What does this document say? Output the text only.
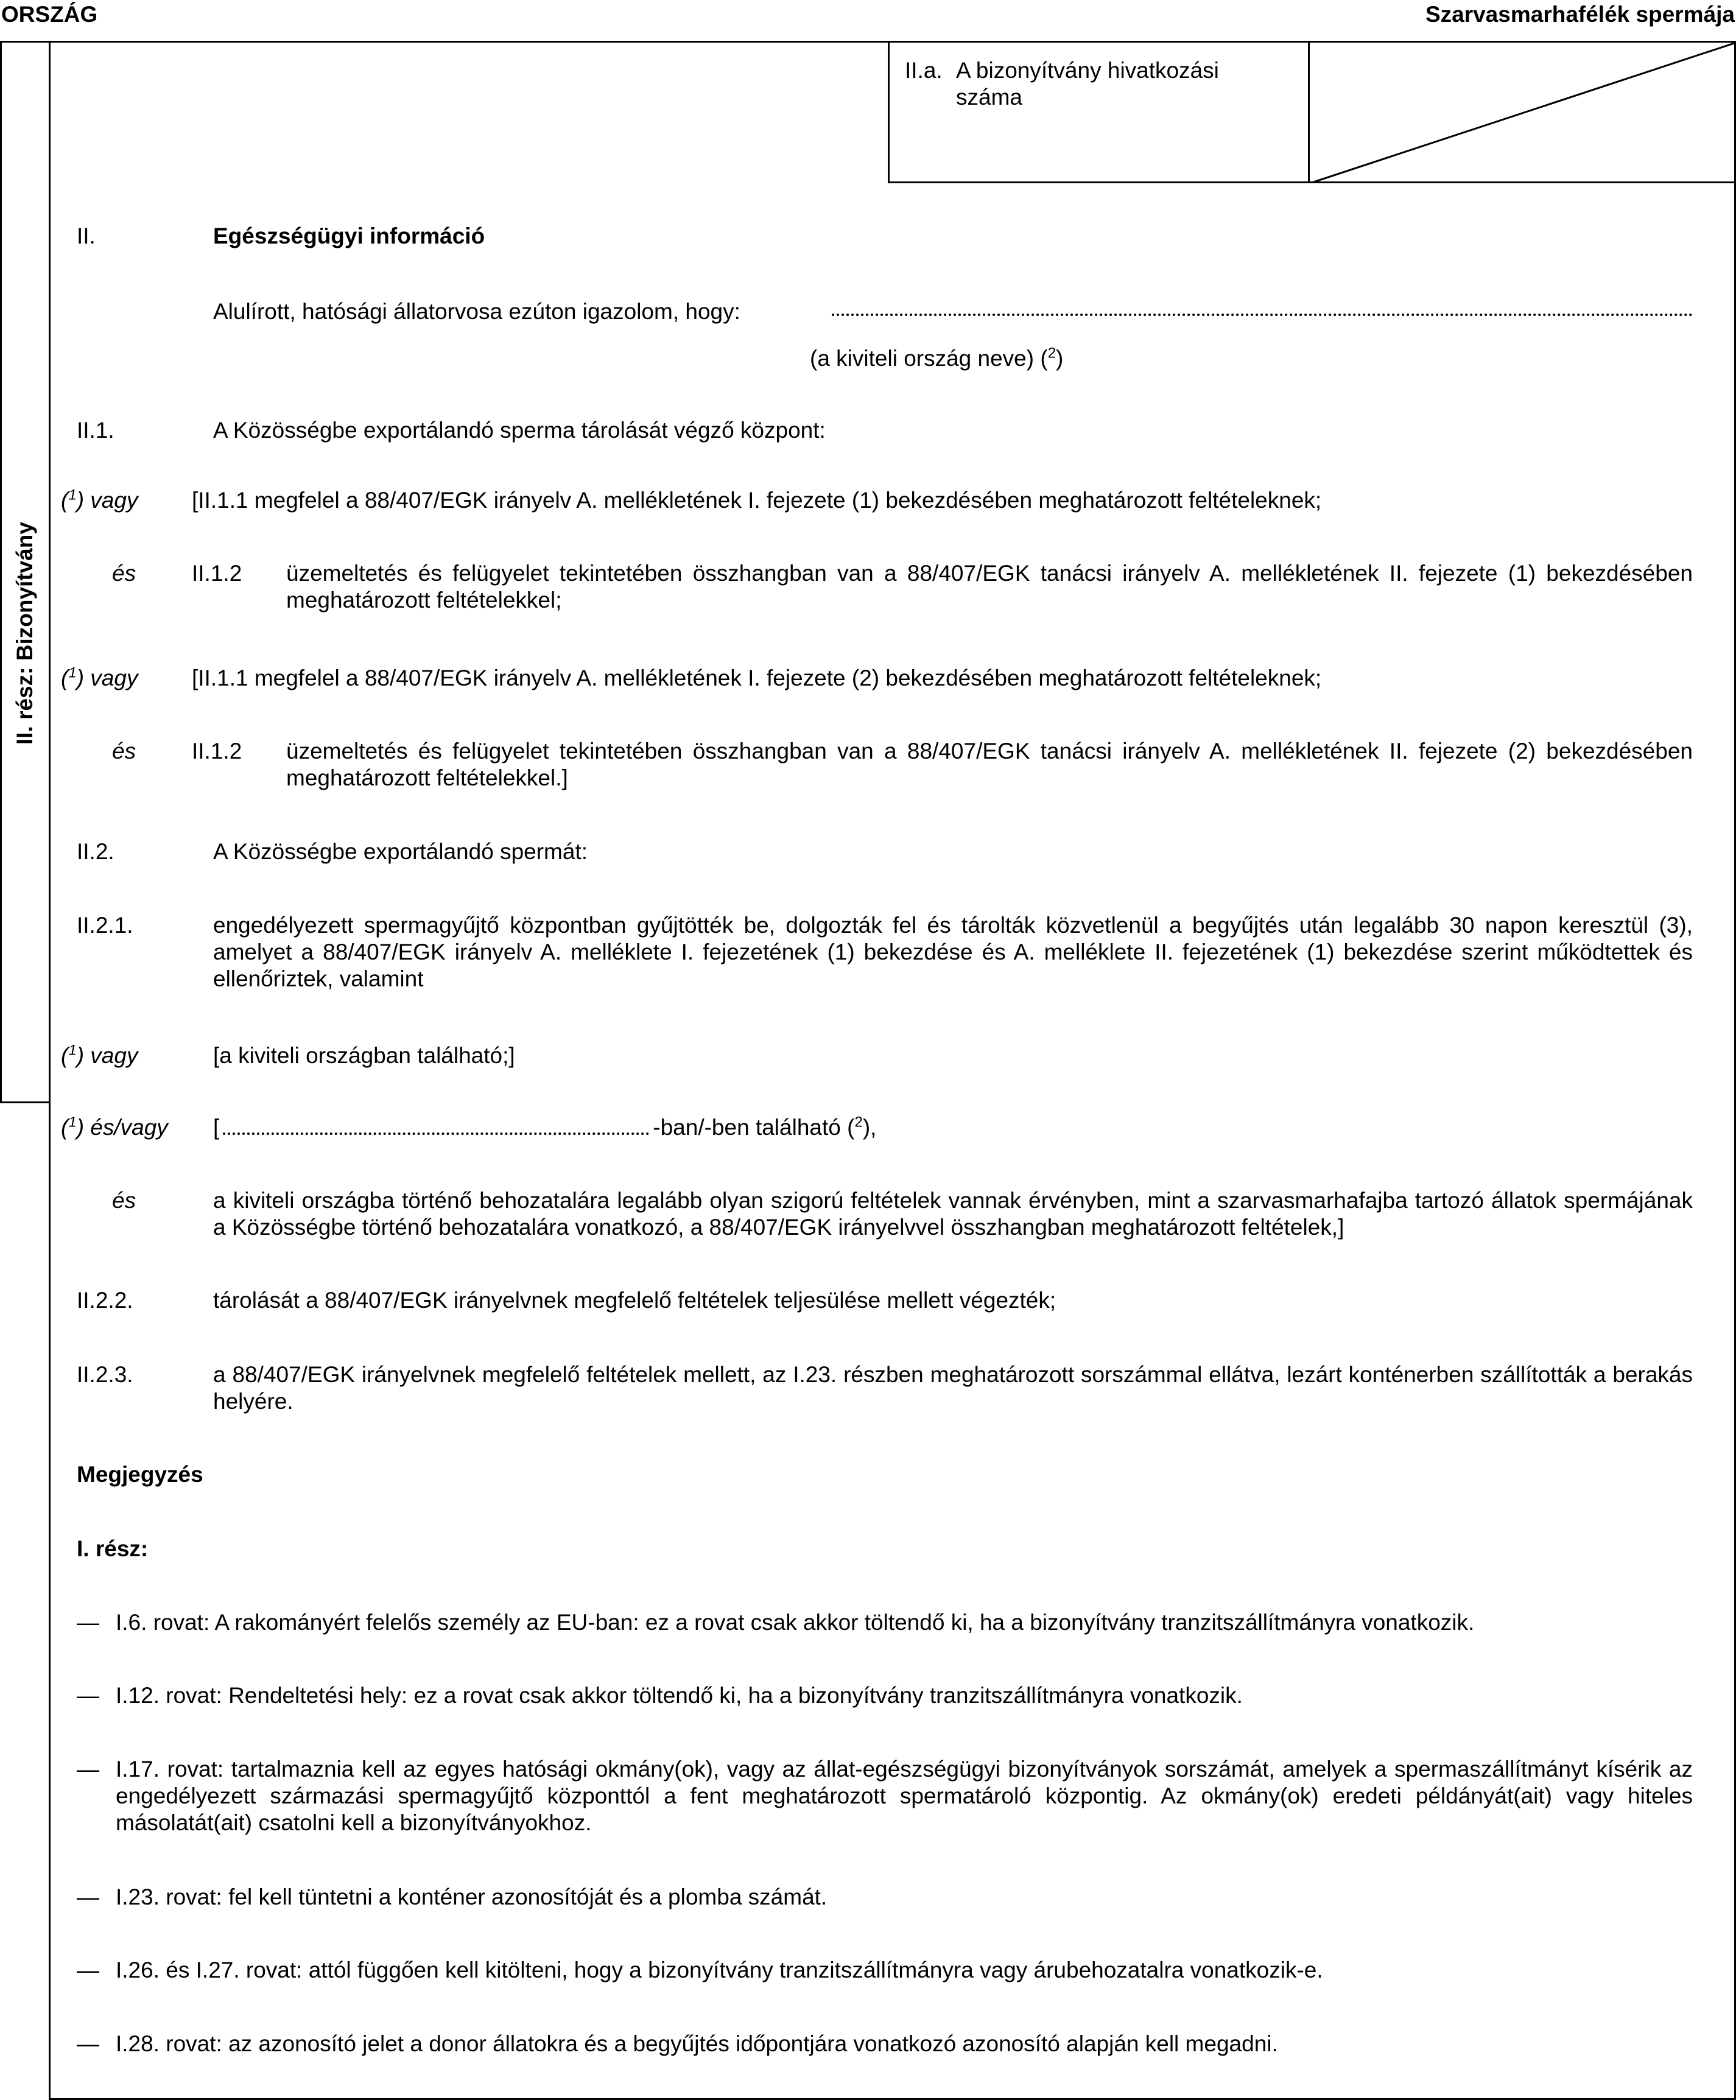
ORSZÁG	Szarvasmarhafélék spermája
II. rész: Bizonyítvány
II.a. A bizonyítvány hivatkozási száma
II.	Egészségügyi információ
Alulírott, hatósági állatorvosa ezúton igazolom, hogy:
(a kiviteli ország neve) ($^2$)
II.1.	A Közösségbe exportálandó sperma tárolását végző központ:
($^1$) vagy [II.1.1 megfelel a 88/407/EGK irányelv A. mellékletének I. fejezete (1) bekezdésében meghatározott feltételeknek;
és II.1.2 üzemeltetés és felügyelet tekintetében összhangban van a 88/407/EGK tanácsi irányelv A. mellékletének II. fejezete (1) bekezdésében meghatározott feltételekkel;
($^1$) vagy [II.1.1 megfelel a 88/407/EGK irányelv A. mellékletének I. fejezete (2) bekezdésében meghatározott feltételeknek;
és II.1.2 üzemeltetés és felügyelet tekintetében összhangban van a 88/407/EGK tanácsi irányelv A. mellékletének II. fejezete (2) bekezdésében meghatározott feltételekkel.]
II.2.	A Közösségbe exportálandó spermát:
II.2.1.	engedélyezett spermagyűjtő központban gyűjtötték be, dolgozták fel és tárolták közvetlenül a begyűjtés után legalább 30 napon keresztül (3), amelyet a 88/407/EGK irányelv A. melléklete I. fejezetének (1) bekezdése és A. melléklete II. fejezetének (1) bekezdése szerint működtettek és ellenőriztek, valamint
($^1$) vagy	[a kiviteli országban található;]
($^1$) és/vagy [	-ban/-ben található ($^2$),
és	a kiviteli országba történő behozatalára legalább olyan szigorú feltételek vannak érvényben, mint a szarvasmarhafajba tartozó állatok spermájának a Közösségbe történő behozatalára vonatkozó, a 88/407/EGK irányelvvel összhangban meghatározott feltételek,]
II.2.2.	tárolását a 88/407/EGK irányelvnek megfelelő feltételek teljesülése mellett végezték;
II.2.3.	a 88/407/EGK irányelvnek megfelelő feltételek mellett, az I.23. részben meghatározott sorszámmal ellátva, lezárt konténerben szállították a berakás helyére.
Megjegyzés
I. rész:
— I.6. rovat: A rakományért felelős személy az EU-ban: ez a rovat csak akkor töltendő ki, ha a bizonyítvány tranzitszállítmányra vonatkozik.
— I.12. rovat: Rendeltetési hely: ez a rovat csak akkor töltendő ki, ha a bizonyítvány tranzitszállítmányra vonatkozik.
— I.17. rovat: tartalmaznia kell az egyes hatósági okmány(ok), vagy az állat-egészségügyi bizonyítványok sorszámát, amelyek a spermaszállítmányt kísérik az engedélyezett származási spermagyűjtő központtól a fent meghatározott spermatároló központig. Az okmány(ok) eredeti példányát(ait) vagy hiteles másolatát(ait) csatolni kell a bizonyítványokhoz.
— I.23. rovat: fel kell tüntetni a konténer azonosítóját és a plomba számát.
— I.26. és I.27. rovat: attól függően kell kitölteni, hogy a bizonyítvány tranzitszállítmányra vagy árubehozatalra vonatkozik-e.
— I.28. rovat: az azonosító jelet a donor állatokra és a begyűjtés időpontjára vonatkozó azonosító alapján kell megadni.
